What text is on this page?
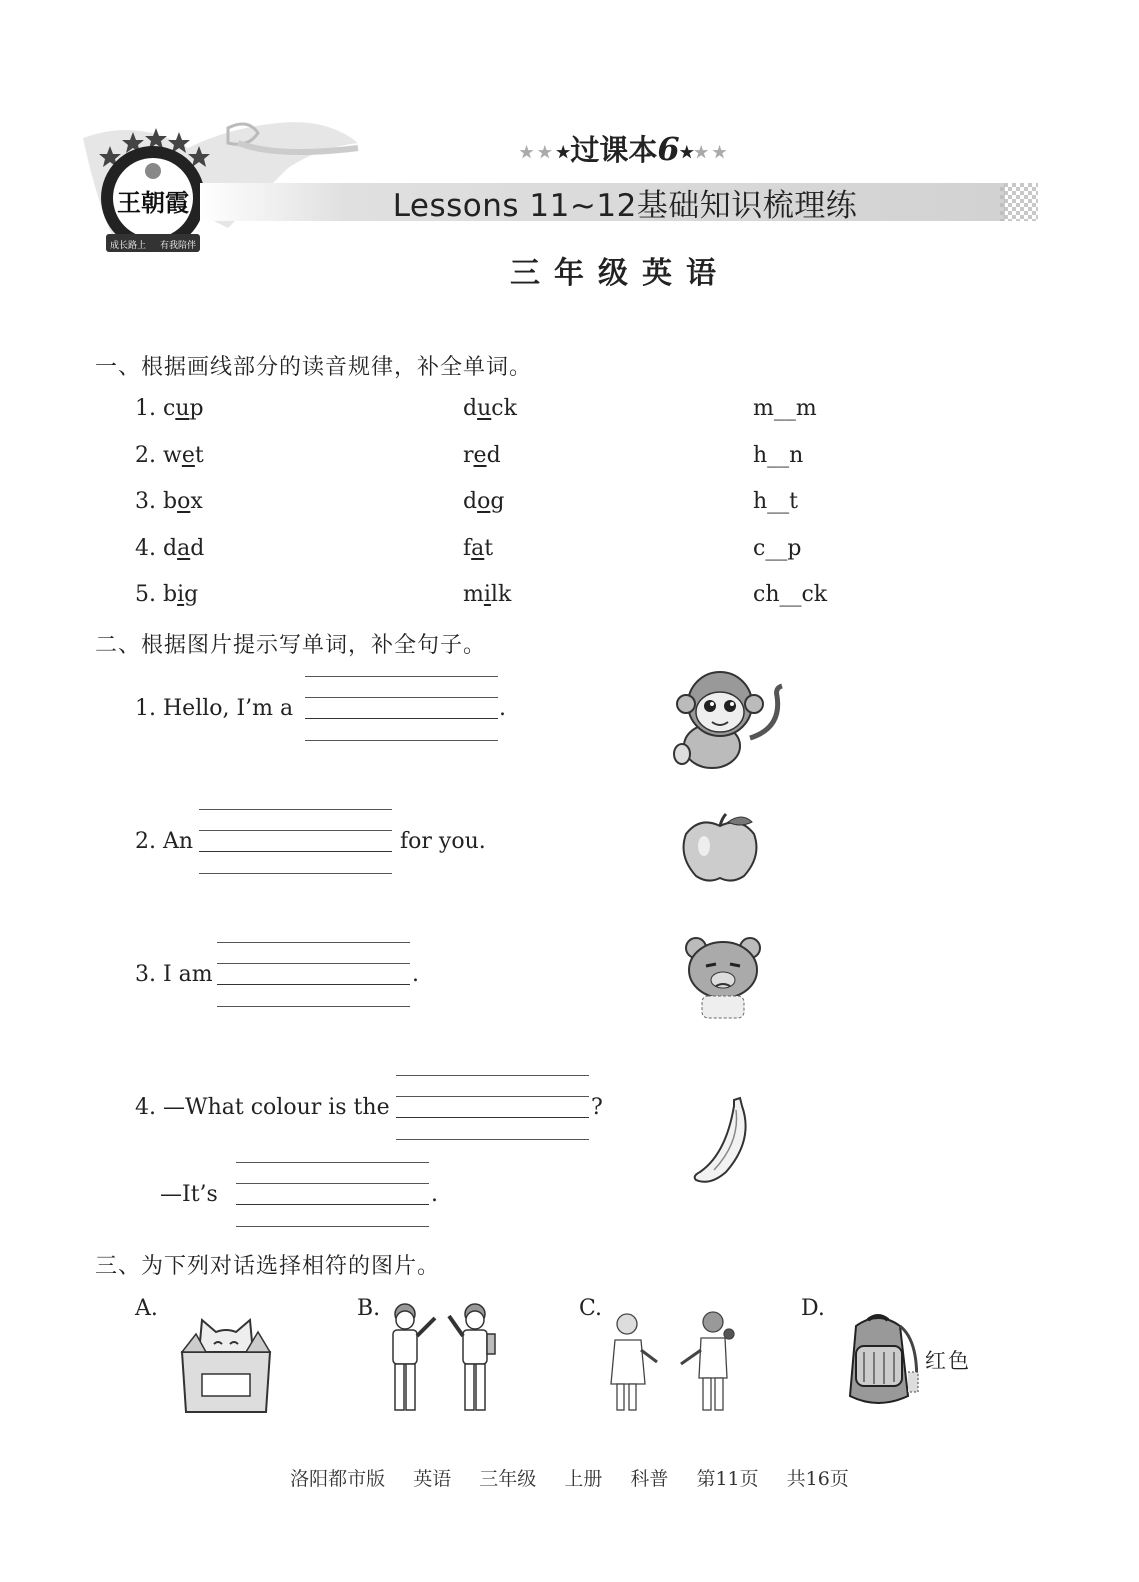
王朝霞
成长路上 有我陪伴
★★★过课本6★★★
Lessons 11~12基础知识梳理练
三年级英语
一、根据画线部分的读音规律，补全单词。
1. cup	duck	m__m
2. wet	red	h__n
3. box	dog	h__t
4. dad	fat	c__p
5. big	milk	ch__ck
二、根据图片提示写单词，补全句子。
1. Hello, I’m a	.
2. An	for you.
3. I am	.
4. —What colour is the	?
—It’s	.
三、为下列对话选择相符的图片。
A.	B.	C.	D.
红色
洛阳都市版 英语 三年级 上册 科普 第11页 共16页
